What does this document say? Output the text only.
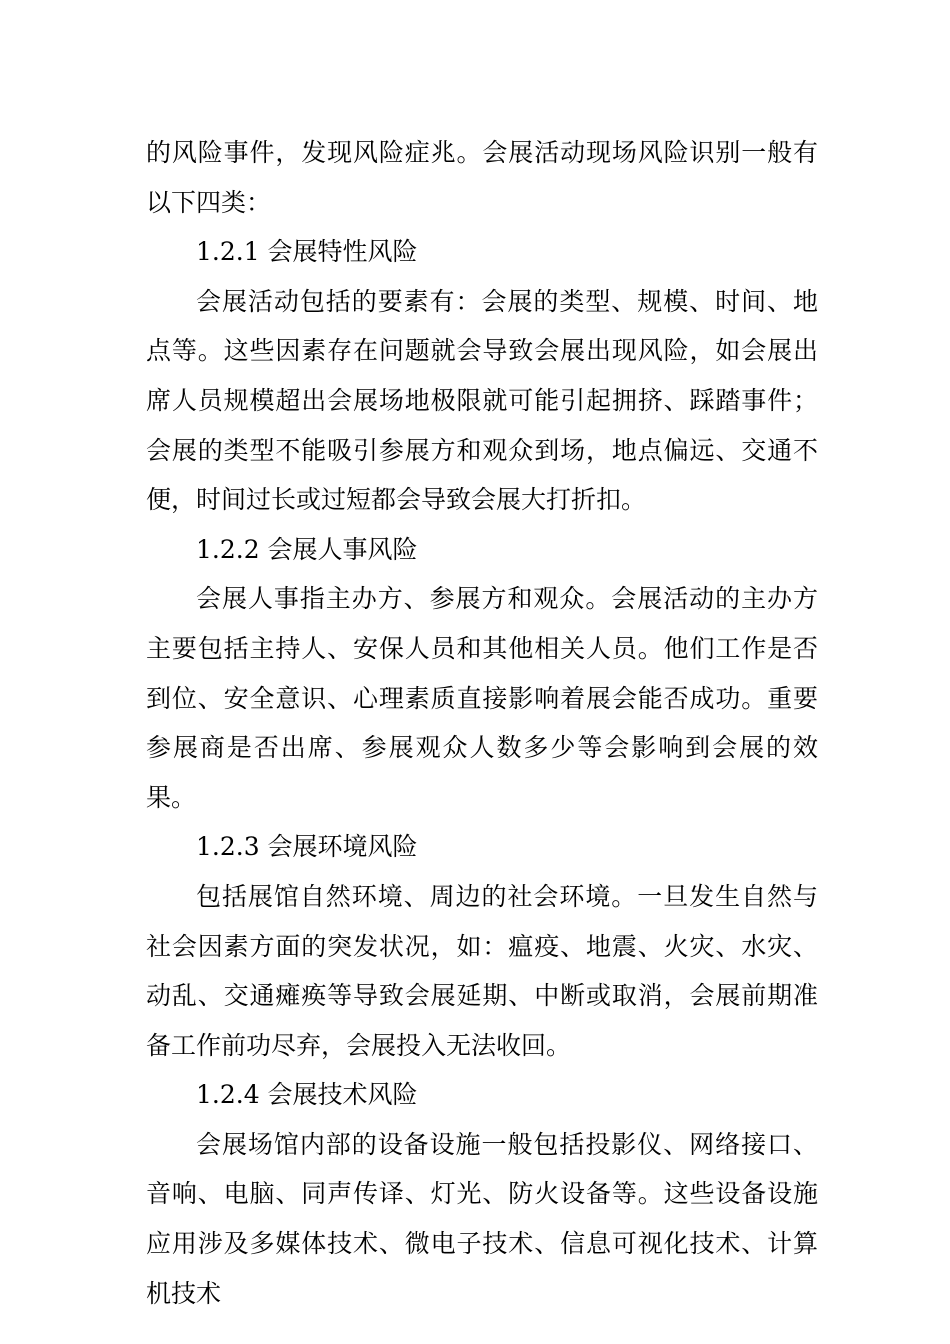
的风险事件，发现风险症兆。会展活动现场风险识别一般有以下四类：

1.2.1 会展特性风险

会展活动包括的要素有：会展的类型、规模、时间、地点等。这些因素存在问题就会导致会展出现风险，如会展出席人员规模超出会展场地极限就可能引起拥挤、踩踏事件；会展的类型不能吸引参展方和观众到场，地点偏远、交通不便，时间过长或过短都会导致会展大打折扣。

1.2.2 会展人事风险

会展人事指主办方、参展方和观众。会展活动的主办方主要包括主持人、安保人员和其他相关人员。他们工作是否到位、安全意识、心理素质直接影响着展会能否成功。重要参展商是否出席、参展观众人数多少等会影响到会展的效果。

1.2.3 会展环境风险

包括展馆自然环境、周边的社会环境。一旦发生自然与社会因素方面的突发状况，如：瘟疫、地震、火灾、水灾、动乱、交通瘫痪等导致会展延期、中断或取消，会展前期准备工作前功尽弃，会展投入无法收回。

1.2.4 会展技术风险

会展场馆内部的设备设施一般包括投影仪、网络接口、音响、电脑、同声传译、灯光、防火设备等。这些设备设施应用涉及多媒体技术、微电子技术、信息可视化技术、计算机技术
